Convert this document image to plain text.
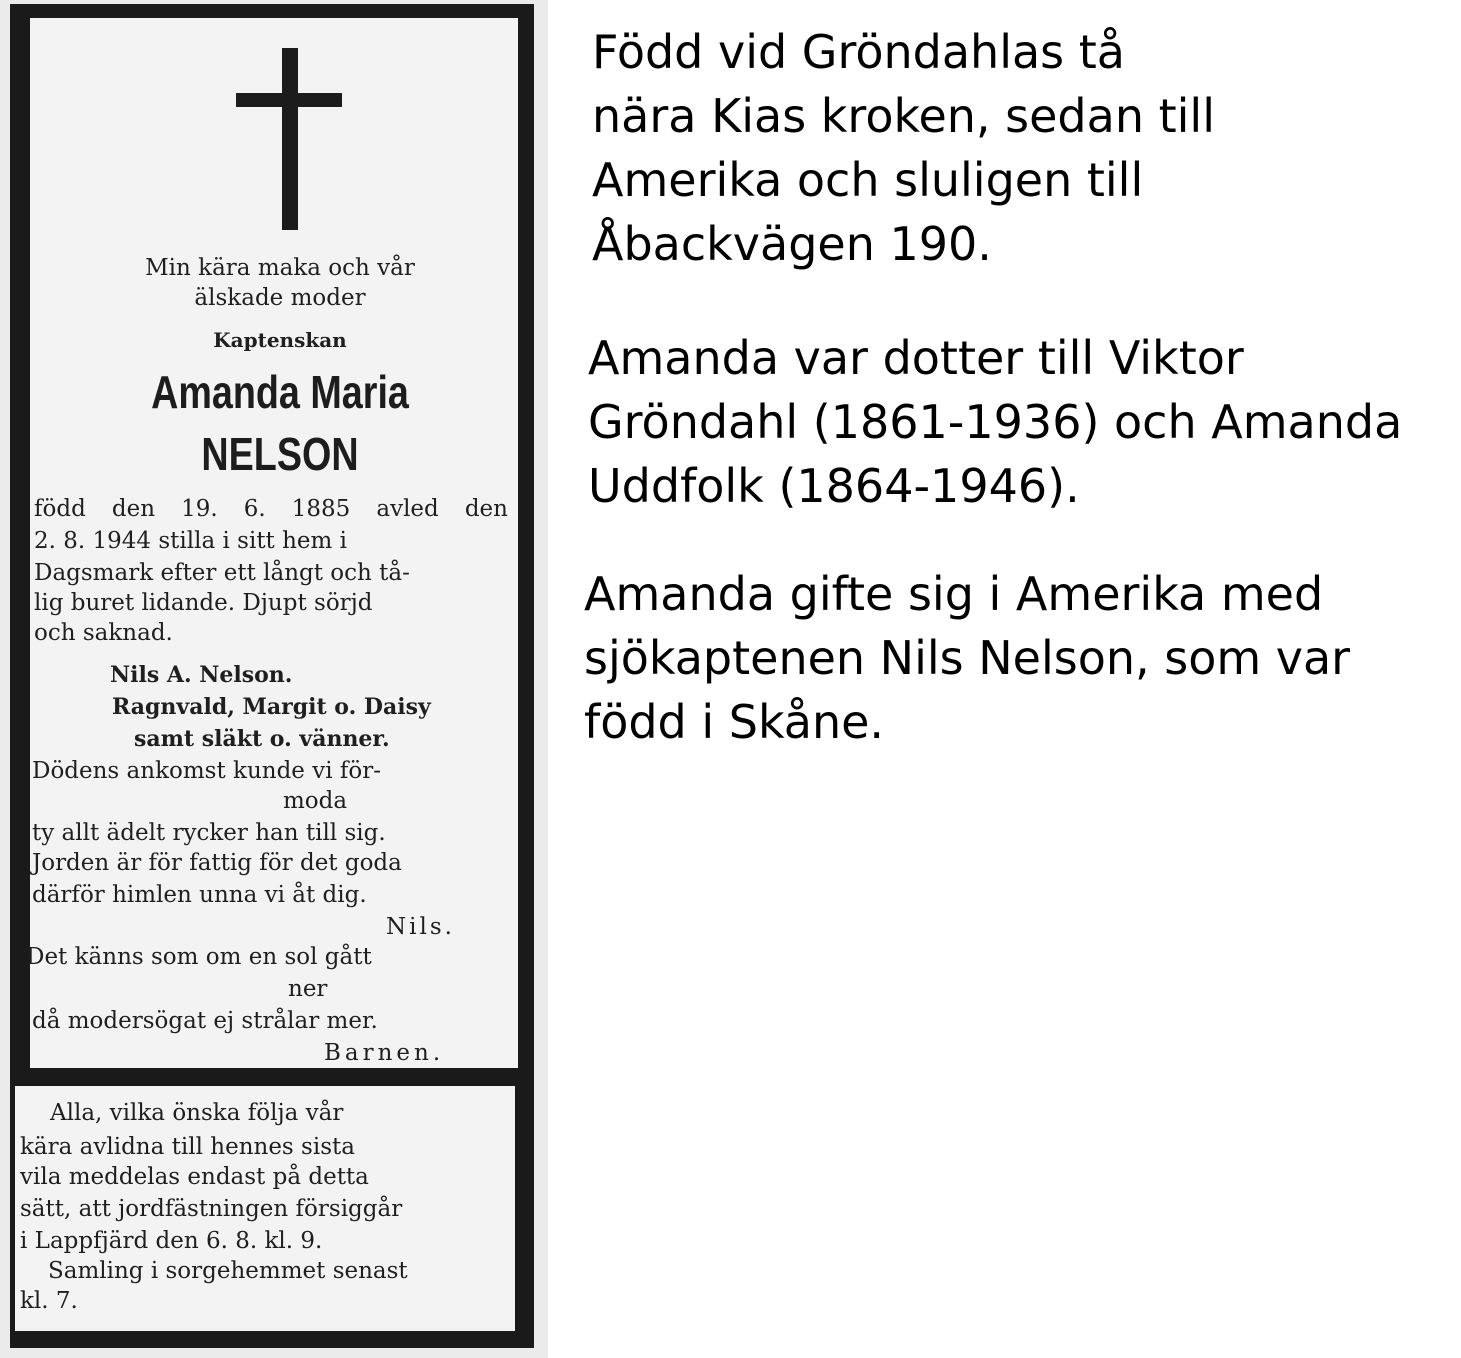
Min kära maka och vår
älskade moder
Kaptenskan
Amanda Maria
NELSON
född den 19. 6. 1885 avled den
2. 8. 1944 stilla i sitt hem i
Dagsmark efter ett långt och tå-
lig buret lidande. Djupt sörjd
och saknad.
Nils A. Nelson.
Ragnvald, Margit o. Daisy
samt släkt o. vänner.
Dödens ankomst kunde vi för-
moda
ty allt ädelt rycker han till sig.
Jorden är för fattig för det goda
därför himlen unna vi åt dig.
Nils.
Det känns som om en sol gått
ner
då modersögat ej strålar mer.
Barnen.
Alla, vilka önska följa vår
kära avlidna till hennes sista
vila meddelas endast på detta
sätt, att jordfästningen försiggår
i Lappfjärd den 6. 8. kl. 9.
Samling i sorgehemmet senast
kl. 7.
Född vid Gröndahlas tå
nära Kias kroken, sedan till
Amerika och sluligen till
Åbackvägen 190.
Amanda var dotter till Viktor
Gröndahl (1861-1936) och Amanda
Uddfolk (1864-1946).
Amanda gifte sig i Amerika med
sjökaptenen Nils Nelson, som var
född i Skåne.
